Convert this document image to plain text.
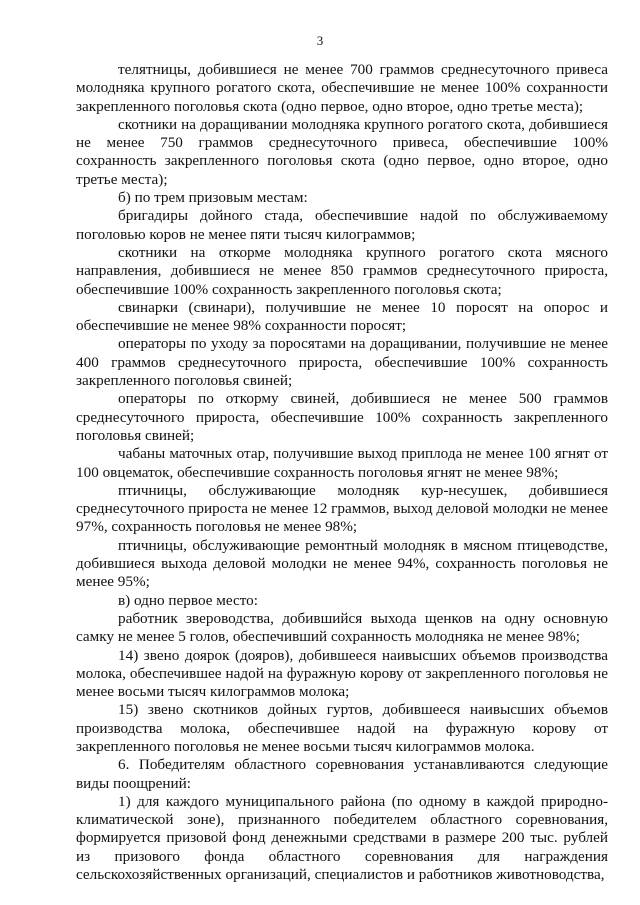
3

телятницы, добившиеся не менее 700 граммов среднесуточного привеса молодняка крупного рогатого скота, обеспечившие не менее 100% сохранности закрепленного поголовья скота (одно первое, одно второе, одно третье места);

скотники на доращивании молодняка крупного рогатого скота, добившиеся не менее 750 граммов среднесуточного привеса, обеспечившие 100% сохранность закрепленного поголовья скота (одно первое, одно второе, одно третье места);

б) по трем призовым местам:

бригадиры дойного стада, обеспечившие надой по обслуживаемому поголовью коров не менее пяти тысяч килограммов;

скотники на откорме молодняка крупного рогатого скота мясного направления, добившиеся не менее 850 граммов среднесуточного прироста, обеспечившие 100% сохранность закрепленного поголовья скота;

свинарки (свинари), получившие не менее 10 поросят на опорос и обеспечившие не менее 98% сохранности поросят;

операторы по уходу за поросятами на доращивании, получившие не менее 400 граммов среднесуточного прироста, обеспечившие 100% сохранность закрепленного поголовья свиней;

операторы по откорму свиней, добившиеся не менее 500 граммов среднесуточного прироста, обеспечившие 100% сохранность закрепленного поголовья свиней;

чабаны маточных отар, получившие выход приплода не менее 100 ягнят от 100 овцематок, обеспечившие сохранность поголовья ягнят не менее 98%;

птичницы, обслуживающие молодняк кур-несушек, добившиеся среднесуточного прироста не менее 12 граммов, выход деловой молодки не менее 97%, сохранность поголовья не менее 98%;

птичницы, обслуживающие ремонтный молодняк в мясном птицеводстве, добившиеся выхода деловой молодки не менее 94%, сохранность поголовья не менее 95%;

в) одно первое место:

работник звероводства, добившийся выхода щенков на одну основную самку не менее 5 голов, обеспечивший сохранность молодняка не менее 98%;

14) звено доярок (дояров), добившееся наивысших объемов производства молока, обеспечившее надой на фуражную корову от закрепленного поголовья не менее восьми тысяч килограммов молока;

15) звено скотников дойных гуртов, добившееся наивысших объемов производства молока, обеспечившее надой на фуражную корову от закрепленного поголовья не менее восьми тысяч килограммов молока.

6. Победителям областного соревнования устанавливаются следующие виды поощрений:

1) для каждого муниципального района (по одному в каждой природно-климатической зоне), признанного победителем областного соревнования, формируется призовой фонд денежными средствами в размере 200 тыс. рублей из призового фонда областного соревнования для награждения сельскохозяйственных организаций, специалистов и работников животноводства,
